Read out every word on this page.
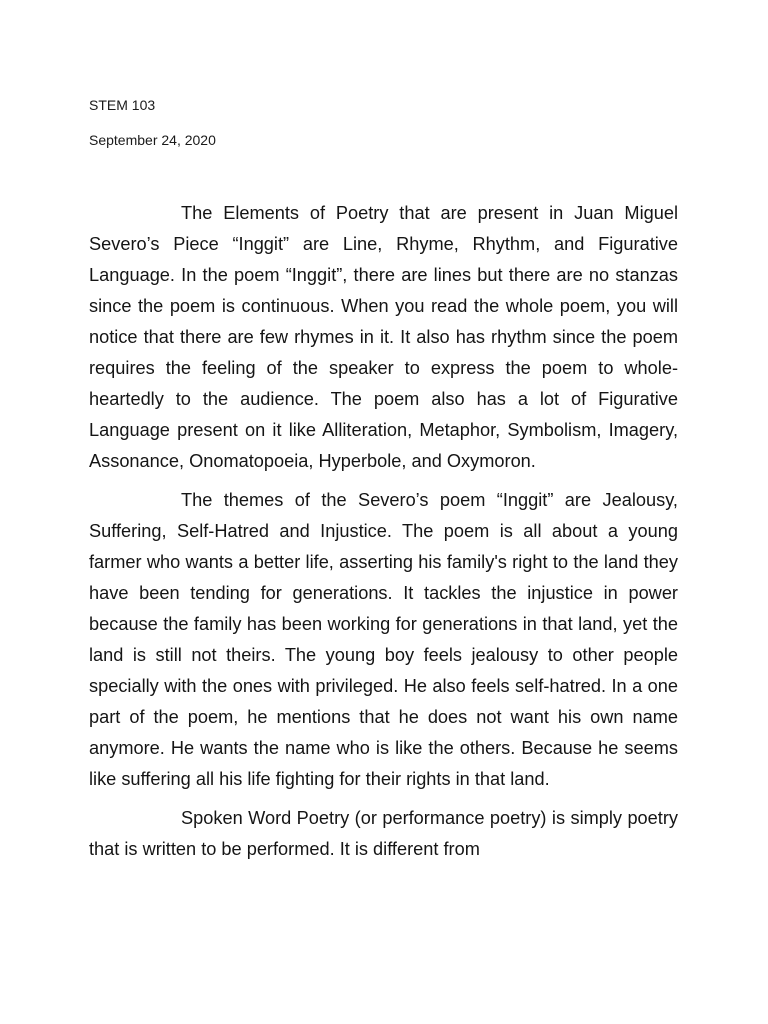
STEM 103
September 24, 2020

The Elements of Poetry that are present in Juan Miguel Severo’s Piece “Inggit” are Line, Rhyme, Rhythm, and Figurative Language. In the poem “Inggit”, there are lines but there are no stanzas since the poem is continuous. When you read the whole poem, you will notice that there are few rhymes in it. It also has rhythm since the poem requires the feeling of the speaker to express the poem to whole-heartedly to the audience. The poem also has a lot of Figurative Language present on it like Alliteration, Metaphor, Symbolism, Imagery, Assonance, Onomatopoeia, Hyperbole, and Oxymoron.

The themes of the Severo’s poem “Inggit” are Jealousy, Suffering, Self-Hatred and Injustice. The poem is all about a young farmer who wants a better life, asserting his family's right to the land they have been tending for generations. It tackles the injustice in power because the family has been working for generations in that land, yet the land is still not theirs. The young boy feels jealousy to other people specially with the ones with privileged. He also feels self-hatred. In a one part of the poem, he mentions that he does not want his own name anymore. He wants the name who is like the others. Because he seems like suffering all his life fighting for their rights in that land.

Spoken Word Poetry (or performance poetry) is simply poetry that is written to be performed. It is different from
